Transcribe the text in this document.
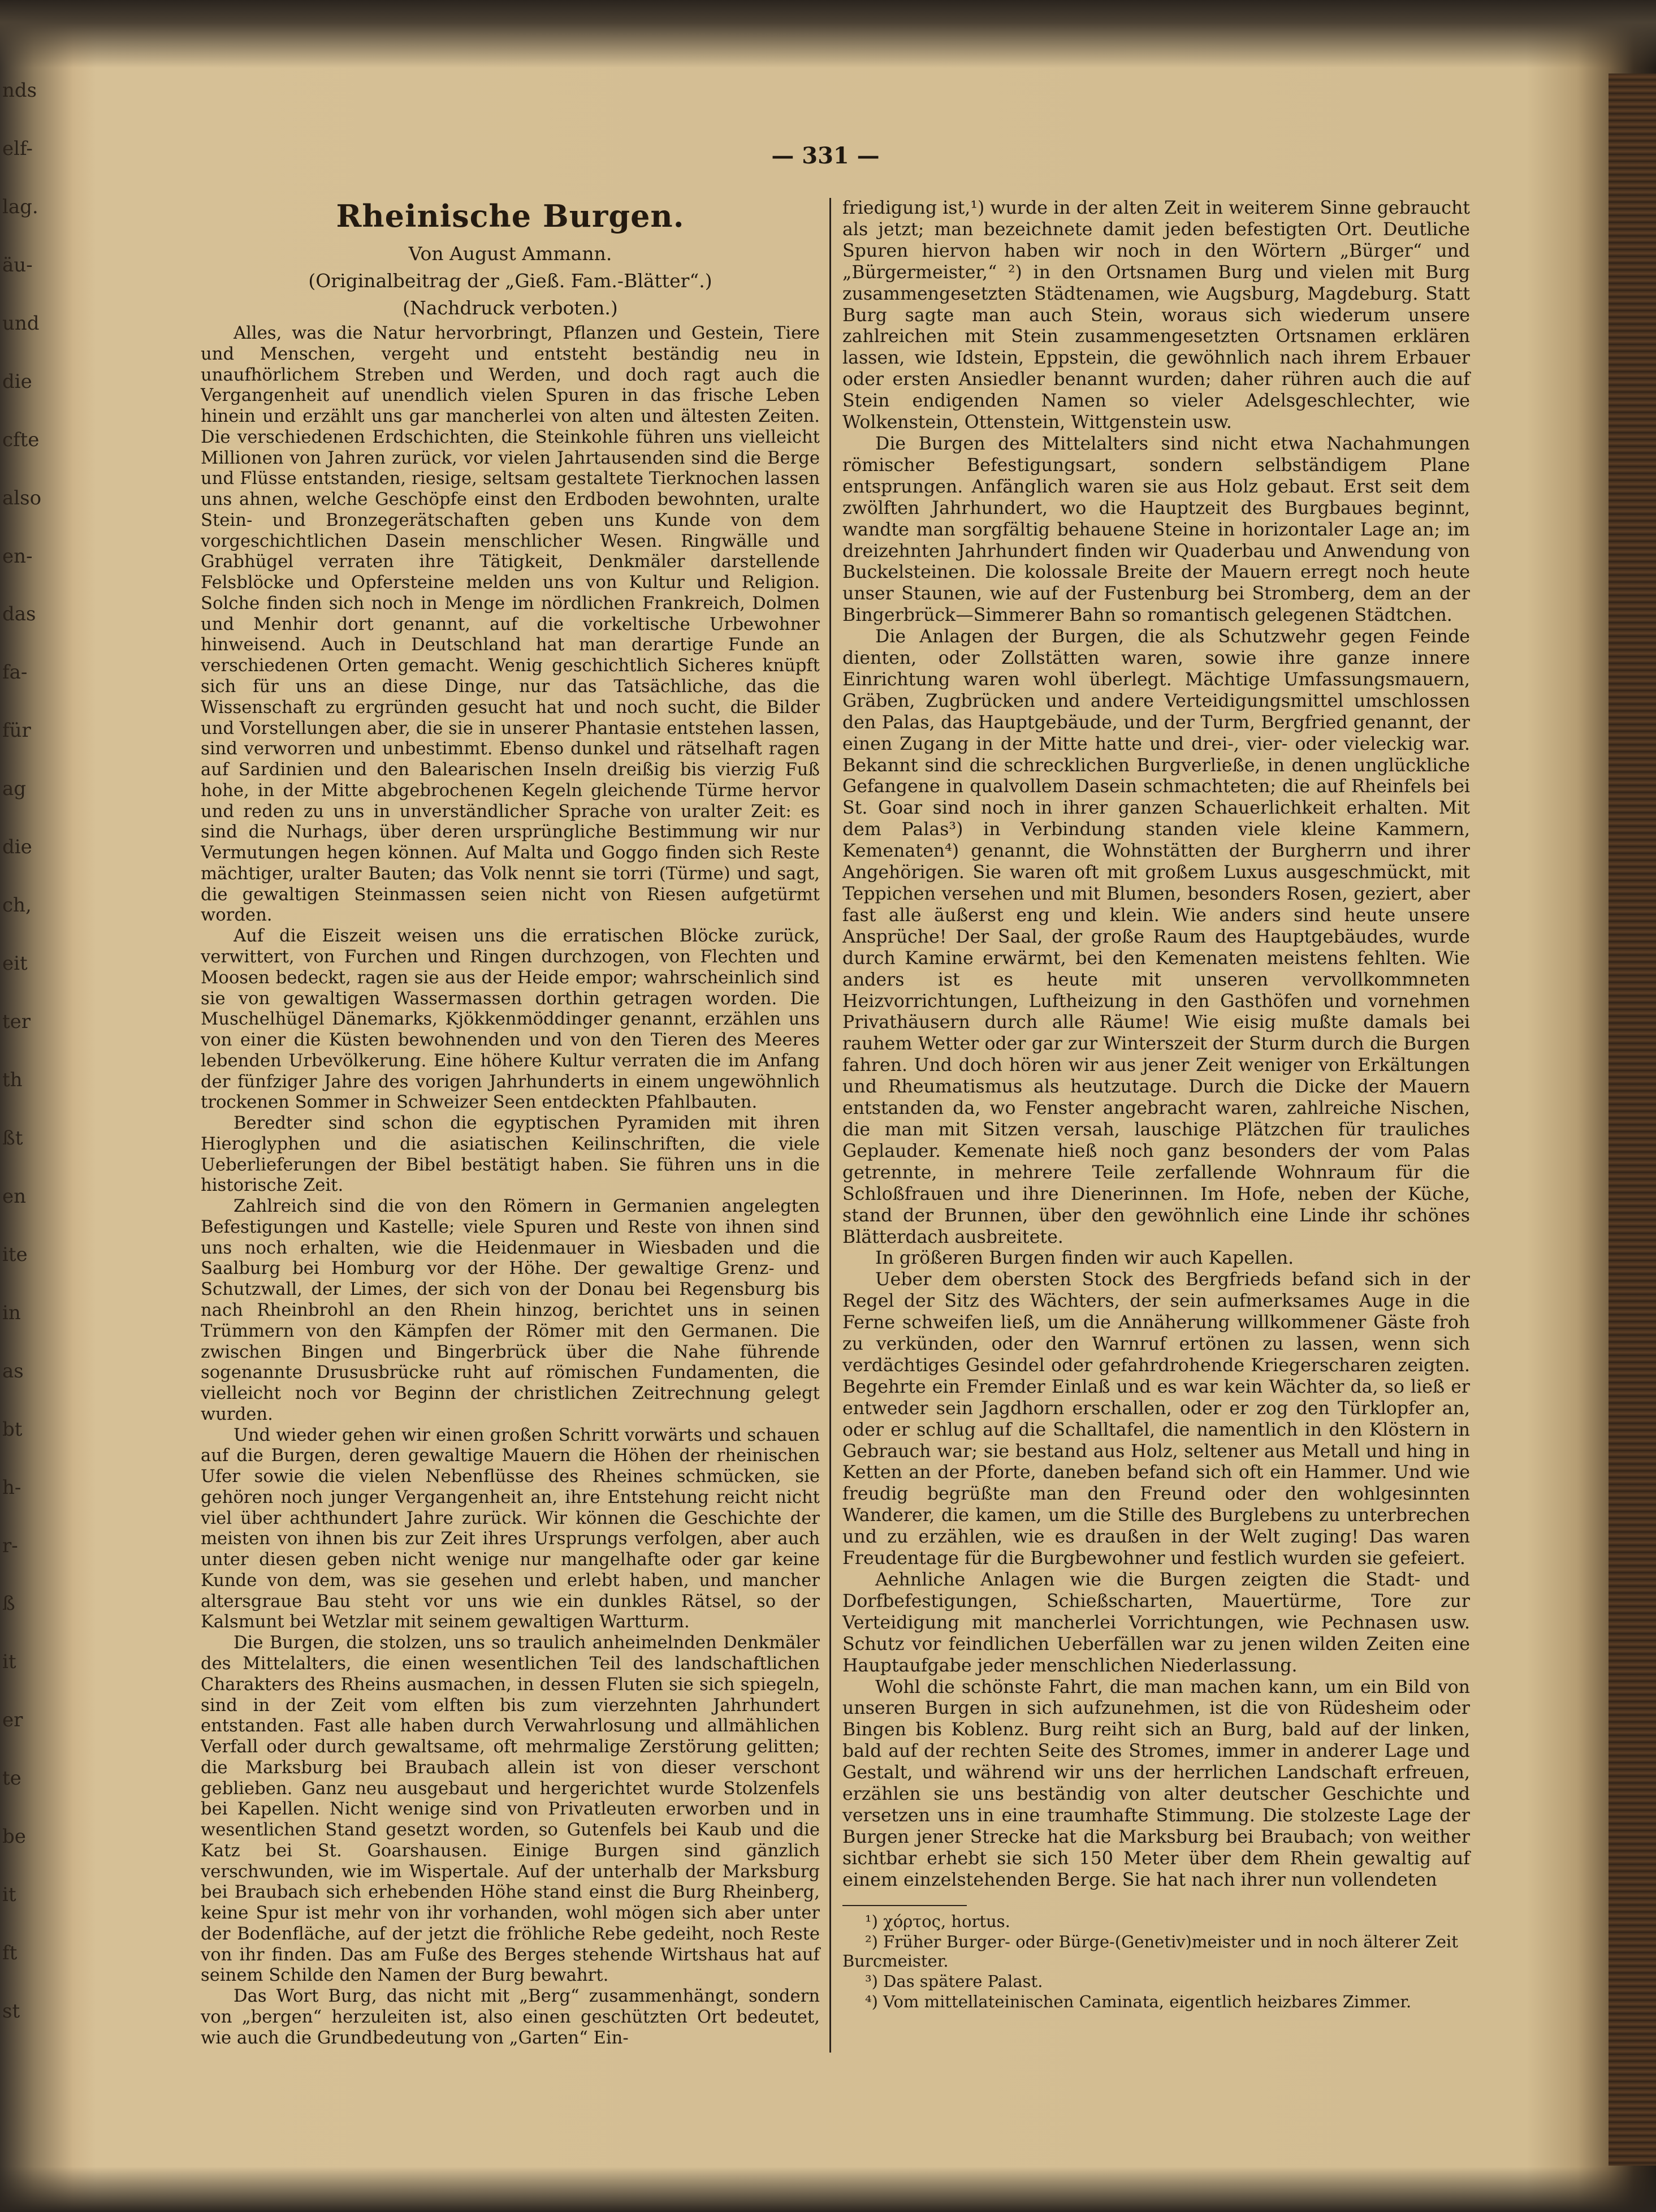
nds
elf-
lag.
äu-
und
die
cfte
also
en-
das
fa-
für
ag
die
ch,
eit
ter
th
ßt
en
ite
in
as
bt
h-
r-
ß
it
er
te
be
it
ft
st
— 331 —
Rheinische Burgen.
Von August Ammann.
(Originalbeitrag der „Gieß. Fam.-Blätter“.)
(Nachdruck verboten.)

Alles, was die Natur hervorbringt, Pflanzen und Gestein, Tiere und Menschen, vergeht und entsteht beständig neu in unaufhörlichem Streben und Werden, und doch ragt auch die Vergangenheit auf unendlich vielen Spuren in das frische Leben hinein und erzählt uns gar mancherlei von alten und ältesten Zeiten. Die verschiedenen Erdschichten, die Steinkohle führen uns vielleicht Millionen von Jahren zurück, vor vielen Jahrtausenden sind die Berge und Flüsse entstanden, riesige, seltsam gestaltete Tierknochen lassen uns ahnen, welche Geschöpfe einst den Erdboden bewohnten, uralte Stein- und Bronzegerätschaften geben uns Kunde von dem vorgeschichtlichen Dasein menschlicher Wesen. Ringwälle und Grabhügel verraten ihre Tätigkeit, Denkmäler darstellende Felsblöcke und Opfersteine melden uns von Kultur und Religion. Solche finden sich noch in Menge im nördlichen Frankreich, Dolmen und Menhir dort genannt, auf die vorkeltische Urbewohner hinweisend. Auch in Deutschland hat man derartige Funde an verschiedenen Orten gemacht. Wenig geschichtlich Sicheres knüpft sich für uns an diese Dinge, nur das Tatsächliche, das die Wissenschaft zu ergründen gesucht hat und noch sucht, die Bilder und Vorstellungen aber, die sie in unserer Phantasie entstehen lassen, sind verworren und unbestimmt. Ebenso dunkel und rätselhaft ragen auf Sardinien und den Balearischen Inseln dreißig bis vierzig Fuß hohe, in der Mitte abgebrochenen Kegeln gleichende Türme hervor und reden zu uns in unverständlicher Sprache von uralter Zeit: es sind die Nurhags, über deren ursprüngliche Bestimmung wir nur Vermutungen hegen können. Auf Malta und Goggo finden sich Reste mächtiger, uralter Bauten; das Volk nennt sie torri (Türme) und sagt, die gewaltigen Steinmassen seien nicht von Riesen aufgetürmt worden.

Auf die Eiszeit weisen uns die erratischen Blöcke zurück, verwittert, von Furchen und Ringen durchzogen, von Flechten und Moosen bedeckt, ragen sie aus der Heide empor; wahrscheinlich sind sie von gewaltigen Wassermassen dorthin getragen worden. Die Muschelhügel Dänemarks, Kjökkenmöddinger genannt, erzählen uns von einer die Küsten bewohnenden und von den Tieren des Meeres lebenden Urbevölkerung. Eine höhere Kultur verraten die im Anfang der fünfziger Jahre des vorigen Jahrhunderts in einem ungewöhnlich trockenen Sommer in Schweizer Seen entdeckten Pfahlbauten.

Beredter sind schon die egyptischen Pyramiden mit ihren Hieroglyphen und die asiatischen Keilinschriften, die viele Ueberlieferungen der Bibel bestätigt haben. Sie führen uns in die historische Zeit.

Zahlreich sind die von den Römern in Germanien angelegten Befestigungen und Kastelle; viele Spuren und Reste von ihnen sind uns noch erhalten, wie die Heidenmauer in Wiesbaden und die Saalburg bei Homburg vor der Höhe. Der gewaltige Grenz- und Schutzwall, der Limes, der sich von der Donau bei Regensburg bis nach Rheinbrohl an den Rhein hinzog, berichtet uns in seinen Trümmern von den Kämpfen der Römer mit den Germanen. Die zwischen Bingen und Bingerbrück über die Nahe führende sogenannte Drususbrücke ruht auf römischen Fundamenten, die vielleicht noch vor Beginn der christlichen Zeitrechnung gelegt wurden.

Und wieder gehen wir einen großen Schritt vorwärts und schauen auf die Burgen, deren gewaltige Mauern die Höhen der rheinischen Ufer sowie die vielen Nebenflüsse des Rheines schmücken, sie gehören noch junger Vergangenheit an, ihre Entstehung reicht nicht viel über achthundert Jahre zurück. Wir können die Geschichte der meisten von ihnen bis zur Zeit ihres Ursprungs verfolgen, aber auch unter diesen geben nicht wenige nur mangelhafte oder gar keine Kunde von dem, was sie gesehen und erlebt haben, und mancher altersgraue Bau steht vor uns wie ein dunkles Rätsel, so der Kalsmunt bei Wetzlar mit seinem gewaltigen Wartturm.

Die Burgen, die stolzen, uns so traulich anheimelnden Denkmäler des Mittelalters, die einen wesentlichen Teil des landschaftlichen Charakters des Rheins ausmachen, in dessen Fluten sie sich spiegeln, sind in der Zeit vom elften bis zum vierzehnten Jahrhundert entstanden. Fast alle haben durch Verwahrlosung und allmählichen Verfall oder durch gewaltsame, oft mehrmalige Zerstörung gelitten; die Marksburg bei Braubach allein ist von dieser verschont geblieben. Ganz neu ausgebaut und hergerichtet wurde Stolzenfels bei Kapellen. Nicht wenige sind von Privatleuten erworben und in wesentlichen Stand gesetzt worden, so Gutenfels bei Kaub und die Katz bei St. Goarshausen. Einige Burgen sind gänzlich verschwunden, wie im Wispertale. Auf der unterhalb der Marksburg bei Braubach sich erhebenden Höhe stand einst die Burg Rheinberg, keine Spur ist mehr von ihr vorhanden, wohl mögen sich aber unter der Bodenfläche, auf der jetzt die fröhliche Rebe gedeiht, noch Reste von ihr finden. Das am Fuße des Berges stehende Wirtshaus hat auf seinem Schilde den Namen der Burg bewahrt.

Das Wort Burg, das nicht mit „Berg“ zusammenhängt, sondern von „bergen“ herzuleiten ist, also einen geschützten Ort bedeutet, wie auch die Grundbedeutung von „Garten“ Ein-

friedigung ist,¹) wurde in der alten Zeit in weiterem Sinne gebraucht als jetzt; man bezeichnete damit jeden befestigten Ort. Deutliche Spuren hiervon haben wir noch in den Wörtern „Bürger“ und „Bürgermeister,“ ²) in den Ortsnamen Burg und vielen mit Burg zusammengesetzten Städtenamen, wie Augsburg, Magdeburg. Statt Burg sagte man auch Stein, woraus sich wiederum unsere zahlreichen mit Stein zusammengesetzten Ortsnamen erklären lassen, wie Idstein, Eppstein, die gewöhnlich nach ihrem Erbauer oder ersten Ansiedler benannt wurden; daher rühren auch die auf Stein endigenden Namen so vieler Adelsgeschlechter, wie Wolkenstein, Ottenstein, Wittgenstein usw.

Die Burgen des Mittelalters sind nicht etwa Nachahmungen römischer Befestigungsart, sondern selbständigem Plane entsprungen. Anfänglich waren sie aus Holz gebaut. Erst seit dem zwölften Jahrhundert, wo die Hauptzeit des Burgbaues beginnt, wandte man sorgfältig behauene Steine in horizontaler Lage an; im dreizehnten Jahrhundert finden wir Quaderbau und Anwendung von Buckelsteinen. Die kolossale Breite der Mauern erregt noch heute unser Staunen, wie auf der Fustenburg bei Stromberg, dem an der Bingerbrück—Simmerer Bahn so romantisch gelegenen Städtchen.

Die Anlagen der Burgen, die als Schutzwehr gegen Feinde dienten, oder Zollstätten waren, sowie ihre ganze innere Einrichtung waren wohl überlegt. Mächtige Umfassungsmauern, Gräben, Zugbrücken und andere Verteidigungsmittel umschlossen den Palas, das Hauptgebäude, und der Turm, Bergfried genannt, der einen Zugang in der Mitte hatte und drei-, vier- oder vieleckig war. Bekannt sind die schrecklichen Burgverließe, in denen unglückliche Gefangene in qualvollem Dasein schmachteten; die auf Rheinfels bei St. Goar sind noch in ihrer ganzen Schauerlichkeit erhalten. Mit dem Palas³) in Verbindung standen viele kleine Kammern, Kemenaten⁴) genannt, die Wohnstätten der Burgherrn und ihrer Angehörigen. Sie waren oft mit großem Luxus ausgeschmückt, mit Teppichen versehen und mit Blumen, besonders Rosen, geziert, aber fast alle äußerst eng und klein. Wie anders sind heute unsere Ansprüche! Der Saal, der große Raum des Hauptgebäudes, wurde durch Kamine erwärmt, bei den Kemenaten meistens fehlten. Wie anders ist es heute mit unseren vervollkommneten Heizvorrichtungen, Luftheizung in den Gasthöfen und vornehmen Privathäusern durch alle Räume! Wie eisig mußte damals bei rauhem Wetter oder gar zur Winterszeit der Sturm durch die Burgen fahren. Und doch hören wir aus jener Zeit weniger von Erkältungen und Rheumatismus als heutzutage. Durch die Dicke der Mauern entstanden da, wo Fenster angebracht waren, zahlreiche Nischen, die man mit Sitzen versah, lauschige Plätzchen für trauliches Geplauder. Kemenate hieß noch ganz besonders der vom Palas getrennte, in mehrere Teile zerfallende Wohnraum für die Schloßfrauen und ihre Dienerinnen. Im Hofe, neben der Küche, stand der Brunnen, über den gewöhnlich eine Linde ihr schönes Blätterdach ausbreitete.

In größeren Burgen finden wir auch Kapellen.

Ueber dem obersten Stock des Bergfrieds befand sich in der Regel der Sitz des Wächters, der sein aufmerksames Auge in die Ferne schweifen ließ, um die Annäherung willkommener Gäste froh zu verkünden, oder den Warnruf ertönen zu lassen, wenn sich verdächtiges Gesindel oder gefahrdrohende Kriegerscharen zeigten. Begehrte ein Fremder Einlaß und es war kein Wächter da, so ließ er entweder sein Jagdhorn erschallen, oder er zog den Türklopfer an, oder er schlug auf die Schalltafel, die namentlich in den Klöstern in Gebrauch war; sie bestand aus Holz, seltener aus Metall und hing in Ketten an der Pforte, daneben befand sich oft ein Hammer. Und wie freudig begrüßte man den Freund oder den wohlgesinnten Wanderer, die kamen, um die Stille des Burglebens zu unterbrechen und zu erzählen, wie es draußen in der Welt zuging! Das waren Freudentage für die Burgbewohner und festlich wurden sie gefeiert.

Aehnliche Anlagen wie die Burgen zeigten die Stadt- und Dorfbefestigungen, Schießscharten, Mauertürme, Tore zur Verteidigung mit mancherlei Vorrichtungen, wie Pechnasen usw. Schutz vor feindlichen Ueberfällen war zu jenen wilden Zeiten eine Hauptaufgabe jeder menschlichen Niederlassung.

Wohl die schönste Fahrt, die man machen kann, um ein Bild von unseren Burgen in sich aufzunehmen, ist die von Rüdesheim oder Bingen bis Koblenz. Burg reiht sich an Burg, bald auf der linken, bald auf der rechten Seite des Stromes, immer in anderer Lage und Gestalt, und während wir uns der herrlichen Landschaft erfreuen, erzählen sie uns beständig von alter deutscher Geschichte und versetzen uns in eine traumhafte Stimmung. Die stolzeste Lage der Burgen jener Strecke hat die Marksburg bei Braubach; von weither sichtbar erhebt sie sich 150 Meter über dem Rhein gewaltig auf einem einzelstehenden Berge. Sie hat nach ihrer nun vollendeten

¹) χόρτος, hortus.

²) Früher Burger- oder Bürge-(Genetiv)meister und in noch älterer Zeit Burcmeister.

³) Das spätere Palast.

⁴) Vom mittellateinischen Caminata, eigentlich heizbares Zimmer.
